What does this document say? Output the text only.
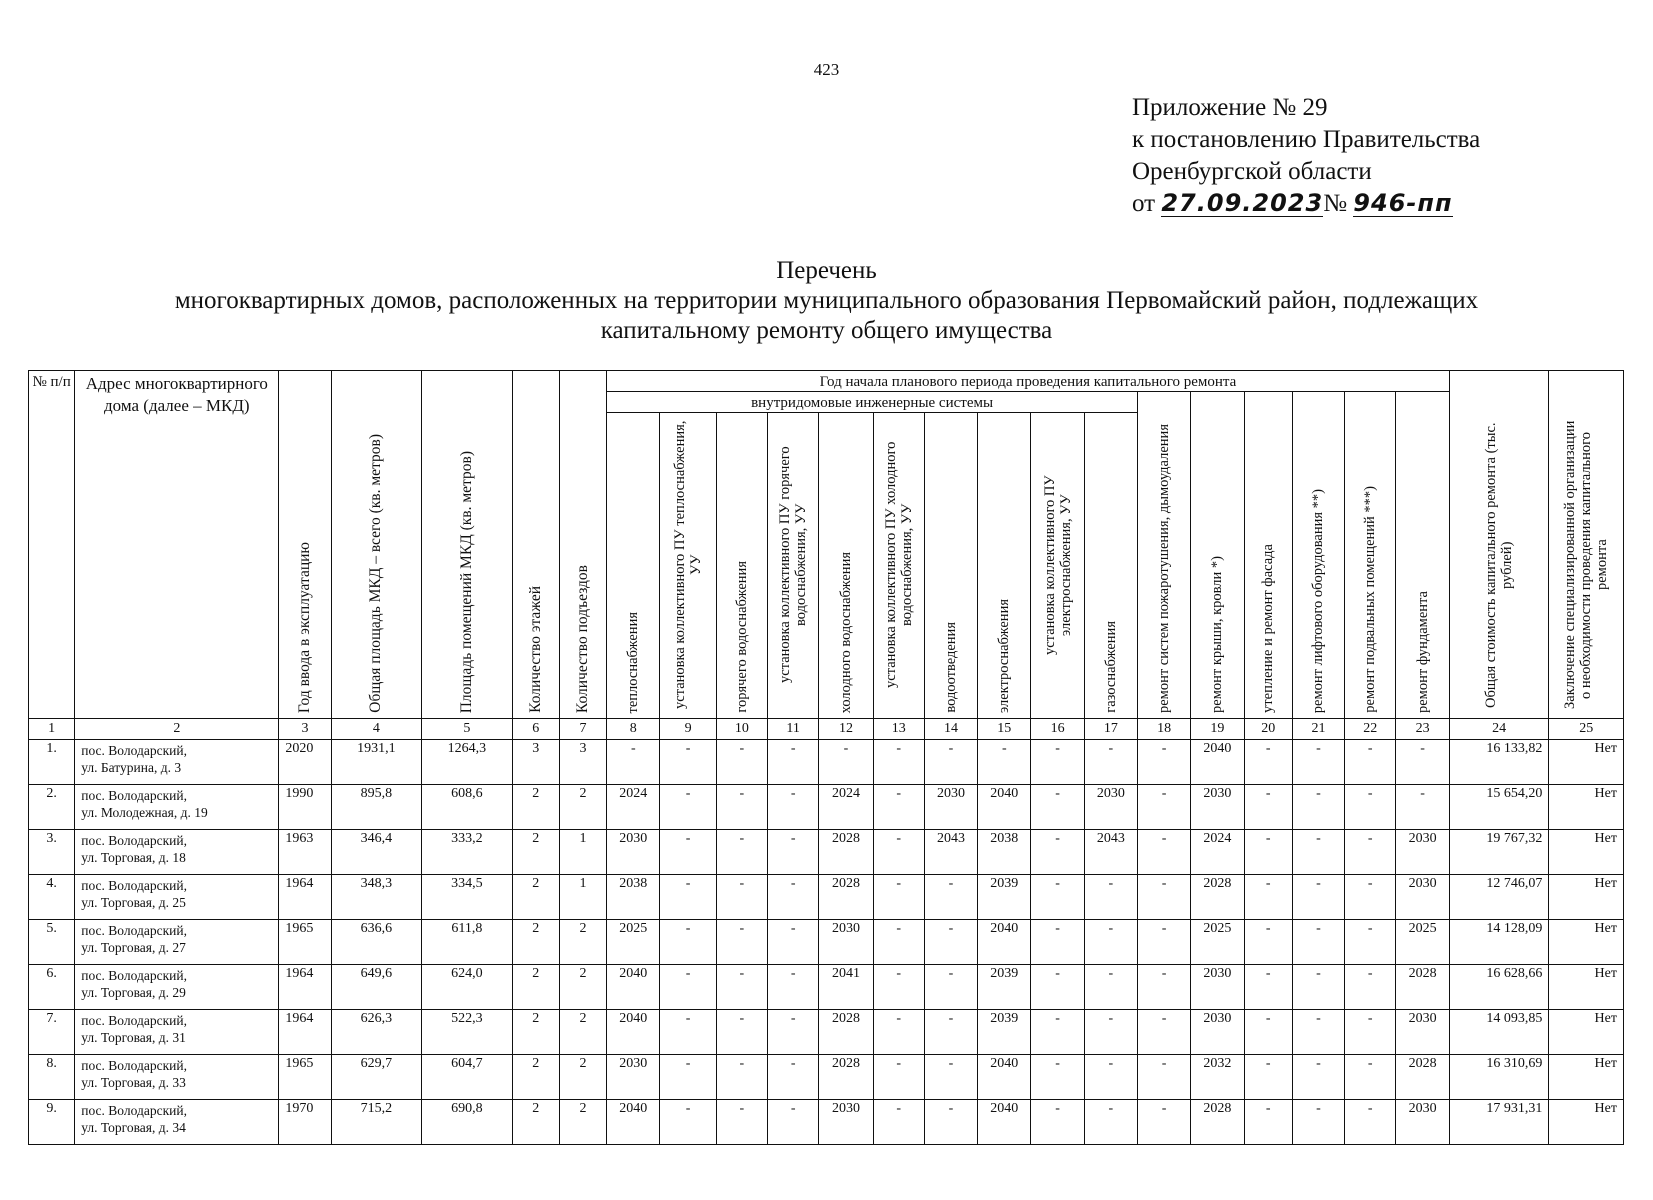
423
Приложение № 29
к постановлению Правительства
Оренбургской области
от 27.09.2023№ 946-пп
Перечень
многоквартирных домов, расположенных на территории муниципального образования Первомайский район, подлежащих
капитальному ремонту общего имущества
№ п/п	Адрес многоквартирного дома (далее – МКД)	Год ввода в эксплуатацию	Общая площадь МКД – всего (кв. метров)	Площадь помещений МКД (кв. метров)	Количество этажей	Количество подъездов	Год начала планового периода проведения капитального ремонта																Общая стоимость капитального ремонта (тыс. рублей)	Заключение специализированной организации о необходимости проведения капитального ремонта
							внутридомовые инженерные системы										ремонт систем пожаротушения, дымоудаления	ремонт крыши, кровли *)	утепление и ремонт фасада	ремонт лифтового оборудования **)	ремонт подвальных помещений ***)	ремонт фундамента		
							теплоснабжения	установка коллективного ПУ теплоснабжения, УУ	горячего водоснабжения	установка коллективного ПУ горячего водоснабжения, УУ	холодного водоснабжения	установка коллективного ПУ холодного водоснабжения, УУ	водоотведения	электроснабжения	установка коллективного ПУ электроснабжения, УУ	газоснабжения								
1	2	3	4	5	6	7	8	9	10	11	12	13	14	15	16	17	18	19	20	21	22	23	24	25
1.	пос. Володарский,
ул. Батурина, д. 3	2020	1931,1	1264,3	3	3	-	-	-	-	-	-	-	-	-	-	-	2040	-	-	-	-	16 133,82	Нет
2.	пос. Володарский,
ул. Молодежная, д. 19	1990	895,8	608,6	2	2	2024	-	-	-	2024	-	2030	2040	-	2030	-	2030	-	-	-	-	15 654,20	Нет
3.	пос. Володарский,
ул. Торговая, д. 18	1963	346,4	333,2	2	1	2030	-	-	-	2028	-	2043	2038	-	2043	-	2024	-	-	-	2030	19 767,32	Нет
4.	пос. Володарский,
ул. Торговая, д. 25	1964	348,3	334,5	2	1	2038	-	-	-	2028	-	-	2039	-	-	-	2028	-	-	-	2030	12 746,07	Нет
5.	пос. Володарский,
ул. Торговая, д. 27	1965	636,6	611,8	2	2	2025	-	-	-	2030	-	-	2040	-	-	-	2025	-	-	-	2025	14 128,09	Нет
6.	пос. Володарский,
ул. Торговая, д. 29	1964	649,6	624,0	2	2	2040	-	-	-	2041	-	-	2039	-	-	-	2030	-	-	-	2028	16 628,66	Нет
7.	пос. Володарский,
ул. Торговая, д. 31	1964	626,3	522,3	2	2	2040	-	-	-	2028	-	-	2039	-	-	-	2030	-	-	-	2030	14 093,85	Нет
8.	пос. Володарский,
ул. Торговая, д. 33	1965	629,7	604,7	2	2	2030	-	-	-	2028	-	-	2040	-	-	-	2032	-	-	-	2028	16 310,69	Нет
9.	пос. Володарский,
ул. Торговая, д. 34	1970	715,2	690,8	2	2	2040	-	-	-	2030	-	-	2040	-	-	-	2028	-	-	-	2030	17 931,31	Нет
